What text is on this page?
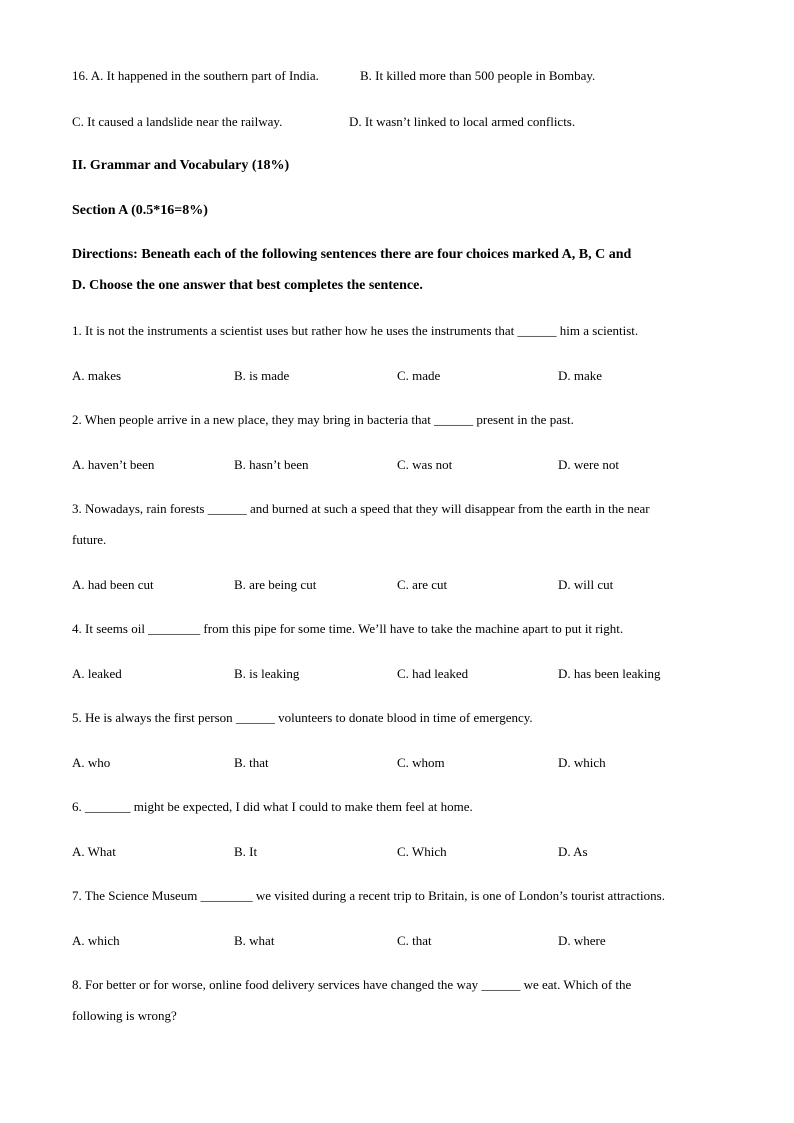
16. A. It happened in the southern part of India.	B. It killed more than 500 people in Bombay.
C. It caused a landslide near the railway.	D. It wasn’t linked to local armed conflicts.
II. Grammar and Vocabulary (18%)
Section A (0.5*16=8%)
Directions: Beneath each of the following sentences there are four choices marked A, B, C and
D. Choose the one answer that best completes the sentence.
1. It is not the instruments a scientist uses but rather how he uses the instruments that ______ him a scientist.
A. makes	B. is made	C. made	D. make
2. When people arrive in a new place, they may bring in bacteria that ______ present in the past.
A. haven’t been	B. hasn’t been	C. was not	D. were not
3. Nowadays, rain forests ______ and burned at such a speed that they will disappear from the earth in the near
future.
A. had been cut	B. are being cut	C. are cut	D. will cut
4. It seems oil ________ from this pipe for some time. We’ll have to take the machine apart to put it right.
A. leaked	B. is leaking	C. had leaked	D. has been leaking
5. He is always the first person ______ volunteers to donate blood in time of emergency.
A. who	B. that	C. whom	D. which
6. _______ might be expected, I did what I could to make them feel at home.
A. What	B. It	C. Which	D. As
7. The Science Museum ________ we visited during a recent trip to Britain, is one of London’s tourist attractions.
A. which	B. what	C. that	D. where
8. For better or for worse, online food delivery services have changed the way ______ we eat. Which of the
following is wrong?
